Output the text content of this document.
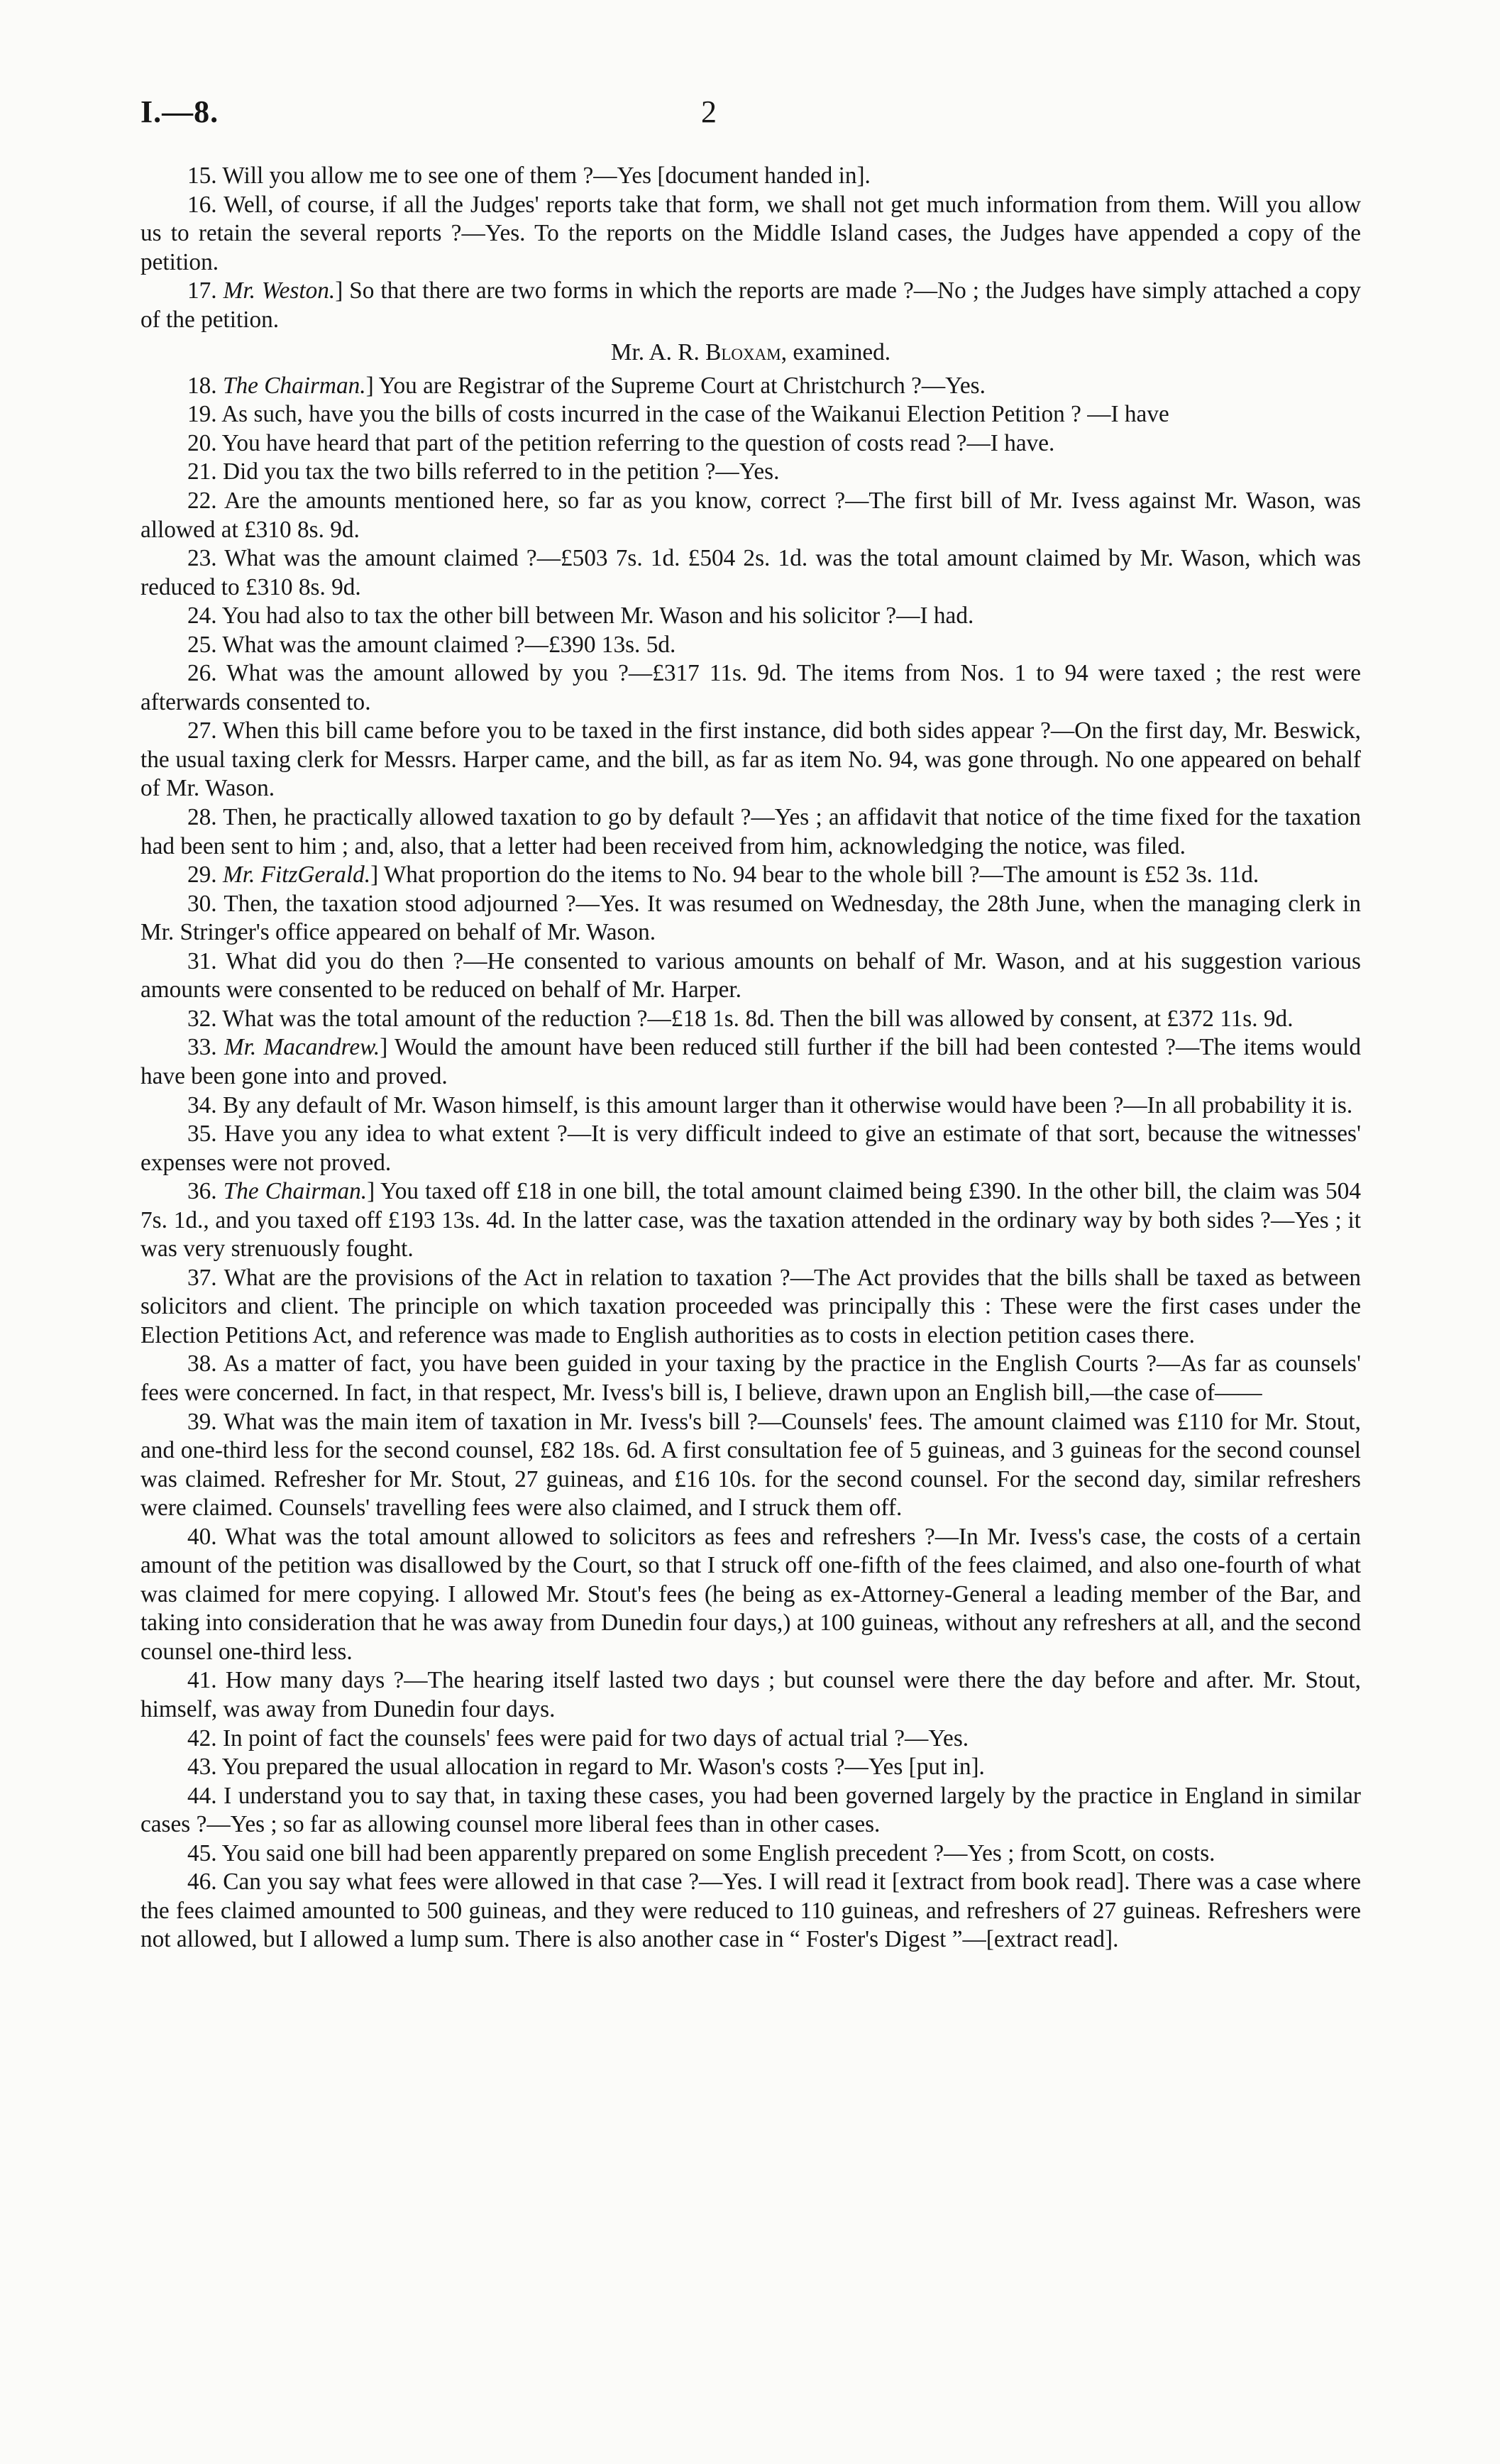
I.—8.	2

15. Will you allow me to see one of them ?—Yes [document handed in].

16. Well, of course, if all the Judges' reports take that form, we shall not get much information from them. Will you allow us to retain the several reports ?—Yes. To the reports on the Middle Island cases, the Judges have appended a copy of the petition.

17. Mr. Weston.] So that there are two forms in which the reports are made ?—No ; the Judges have simply attached a copy of the petition.

Mr. A. R. Bloxam, examined.

18. The Chairman.] You are Registrar of the Supreme Court at Christchurch ?—Yes.

19. As such, have you the bills of costs incurred in the case of the Waikanui Election Petition ? —I have

20. You have heard that part of the petition referring to the question of costs read ?—I have.

21. Did you tax the two bills referred to in the petition ?—Yes.

22. Are the amounts mentioned here, so far as you know, correct ?—The first bill of Mr. Ivess against Mr. Wason, was allowed at £310 8s. 9d.

23. What was the amount claimed ?—£503 7s. 1d. £504 2s. 1d. was the total amount claimed by Mr. Wason, which was reduced to £310 8s. 9d.

24. You had also to tax the other bill between Mr. Wason and his solicitor ?—I had.

25. What was the amount claimed ?—£390 13s. 5d.

26. What was the amount allowed by you ?—£317 11s. 9d. The items from Nos. 1 to 94 were taxed ; the rest were afterwards consented to.

27. When this bill came before you to be taxed in the first instance, did both sides appear ?—On the first day, Mr. Beswick, the usual taxing clerk for Messrs. Harper came, and the bill, as far as item No. 94, was gone through. No one appeared on behalf of Mr. Wason.

28. Then, he practically allowed taxation to go by default ?—Yes ; an affidavit that notice of the time fixed for the taxation had been sent to him ; and, also, that a letter had been received from him, acknowledging the notice, was filed.

29. Mr. FitzGerald.] What proportion do the items to No. 94 bear to the whole bill ?—The amount is £52 3s. 11d.

30. Then, the taxation stood adjourned ?—Yes. It was resumed on Wednesday, the 28th June, when the managing clerk in Mr. Stringer's office appeared on behalf of Mr. Wason.

31. What did you do then ?—He consented to various amounts on behalf of Mr. Wason, and at his suggestion various amounts were consented to be reduced on behalf of Mr. Harper.

32. What was the total amount of the reduction ?—£18 1s. 8d. Then the bill was allowed by consent, at £372 11s. 9d.

33. Mr. Macandrew.] Would the amount have been reduced still further if the bill had been contested ?—The items would have been gone into and proved.

34. By any default of Mr. Wason himself, is this amount larger than it otherwise would have been ?—In all probability it is.

35. Have you any idea to what extent ?—It is very difficult indeed to give an estimate of that sort, because the witnesses' expenses were not proved.

36. The Chairman.] You taxed off £18 in one bill, the total amount claimed being £390. In the other bill, the claim was 504 7s. 1d., and you taxed off £193 13s. 4d. In the latter case, was the taxation attended in the ordinary way by both sides ?—Yes ; it was very strenuously fought.

37. What are the provisions of the Act in relation to taxation ?—The Act provides that the bills shall be taxed as between solicitors and client. The principle on which taxation proceeded was principally this : These were the first cases under the Election Petitions Act, and reference was made to English authorities as to costs in election petition cases there.

38. As a matter of fact, you have been guided in your taxing by the practice in the English Courts ?—As far as counsels' fees were concerned. In fact, in that respect, Mr. Ivess's bill is, I believe, drawn upon an English bill,—the case of——

39. What was the main item of taxation in Mr. Ivess's bill ?—Counsels' fees. The amount claimed was £110 for Mr. Stout, and one-third less for the second counsel, £82 18s. 6d. A first consultation fee of 5 guineas, and 3 guineas for the second counsel was claimed. Refresher for Mr. Stout, 27 guineas, and £16 10s. for the second counsel. For the second day, similar refreshers were claimed. Counsels' travelling fees were also claimed, and I struck them off.

40. What was the total amount allowed to solicitors as fees and refreshers ?—In Mr. Ivess's case, the costs of a certain amount of the petition was disallowed by the Court, so that I struck off one-fifth of the fees claimed, and also one-fourth of what was claimed for mere copying. I allowed Mr. Stout's fees (he being as ex-Attorney-General a leading member of the Bar, and taking into consideration that he was away from Dunedin four days,) at 100 guineas, without any refreshers at all, and the second counsel one-third less.

41. How many days ?—The hearing itself lasted two days ; but counsel were there the day before and after. Mr. Stout, himself, was away from Dunedin four days.

42. In point of fact the counsels' fees were paid for two days of actual trial ?—Yes.

43. You prepared the usual allocation in regard to Mr. Wason's costs ?—Yes [put in].

44. I understand you to say that, in taxing these cases, you had been governed largely by the practice in England in similar cases ?—Yes ; so far as allowing counsel more liberal fees than in other cases.

45. You said one bill had been apparently prepared on some English precedent ?—Yes ; from Scott, on costs.

46. Can you say what fees were allowed in that case ?—Yes. I will read it [extract from book read]. There was a case where the fees claimed amounted to 500 guineas, and they were reduced to 110 guineas, and refreshers of 27 guineas. Refreshers were not allowed, but I allowed a lump sum. There is also another case in “ Foster's Digest ”—[extract read].
